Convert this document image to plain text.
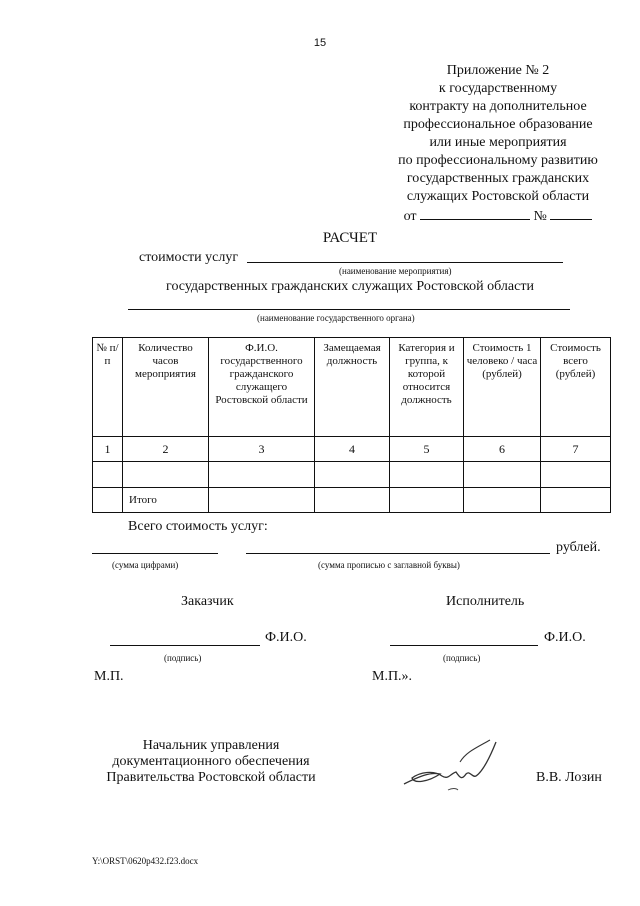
15
Приложение № 2
к государственному
контракту на дополнительное
профессиональное образование
или иные мероприятия
по профессиональному развитию
государственных гражданских
служащих Ростовской области
от	№
РАСЧЕТ
стоимости услуг
(наименование мероприятия)
государственных гражданских служащих Ростовской области
(наименование государственного органа)
№ п/п	Количество часов мероприятия	Ф.И.О. государственного гражданского служащего Ростовской области	Замещаемая должность	Категория и группа, к которой относится должность	Стоимость 1 человеко / часа (рублей)	Стоимость всего (рублей)
1	2	3	4	5	6	7

	Итого					
Всего стоимость услуг:
рублей.
(сумма цифрами)	(сумма прописью с заглавной буквы)
Заказчик	Исполнитель
Ф.И.О.
(подпись)
Ф.И.О.
(подпись)
М.П.	М.П.».
Начальник управления
документационного обеспечения
Правительства Ростовской области	В.В. Лозин
Y:\ORST\0620p432.f23.docx
